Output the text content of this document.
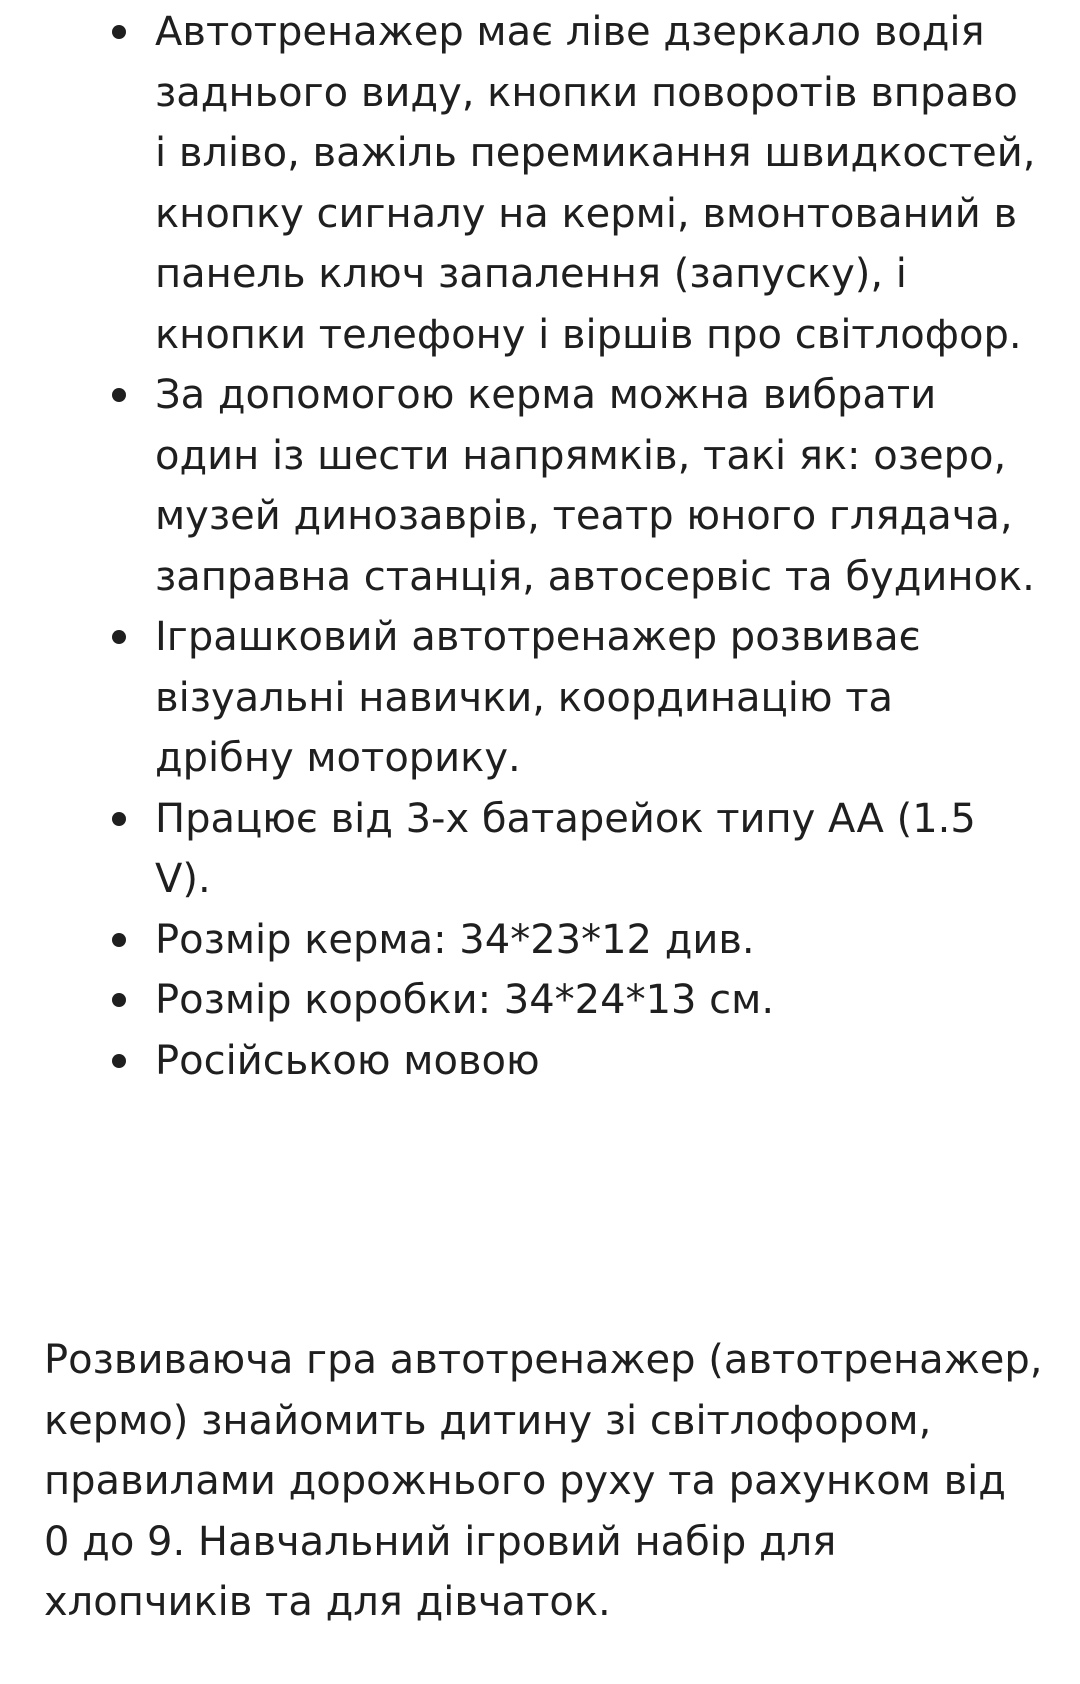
Автотренажер має ліве дзеркало водія заднього виду, кнопки поворотів вправо і вліво, важіль перемикання швидкостей, кнопку сигналу на кермі, вмонтований в панель ключ запалення (запуску), і кнопки телефону і віршів про світлофор.
За допомогою керма можна вибрати один із шести напрямків, такі як: озеро, музей динозаврів, театр юного глядача, заправна станція, автосервіс та будинок.
Іграшковий автотренажер розвиває візуальні навички, координацію та дрібну моторику.
Працює від 3-х батарейок типу AA (1.5 V).
Розмір керма: 34*23*12 див.
Розмір коробки: 34*24*13 см.
Російською мовою

Розвиваюча гра автотренажер (автотренажер, кермо) знайомить дитину зі світлофором, правилами дорожнього руху та рахунком від 0 до 9. Навчальний ігровий набір для хлопчиків та для дівчаток.
